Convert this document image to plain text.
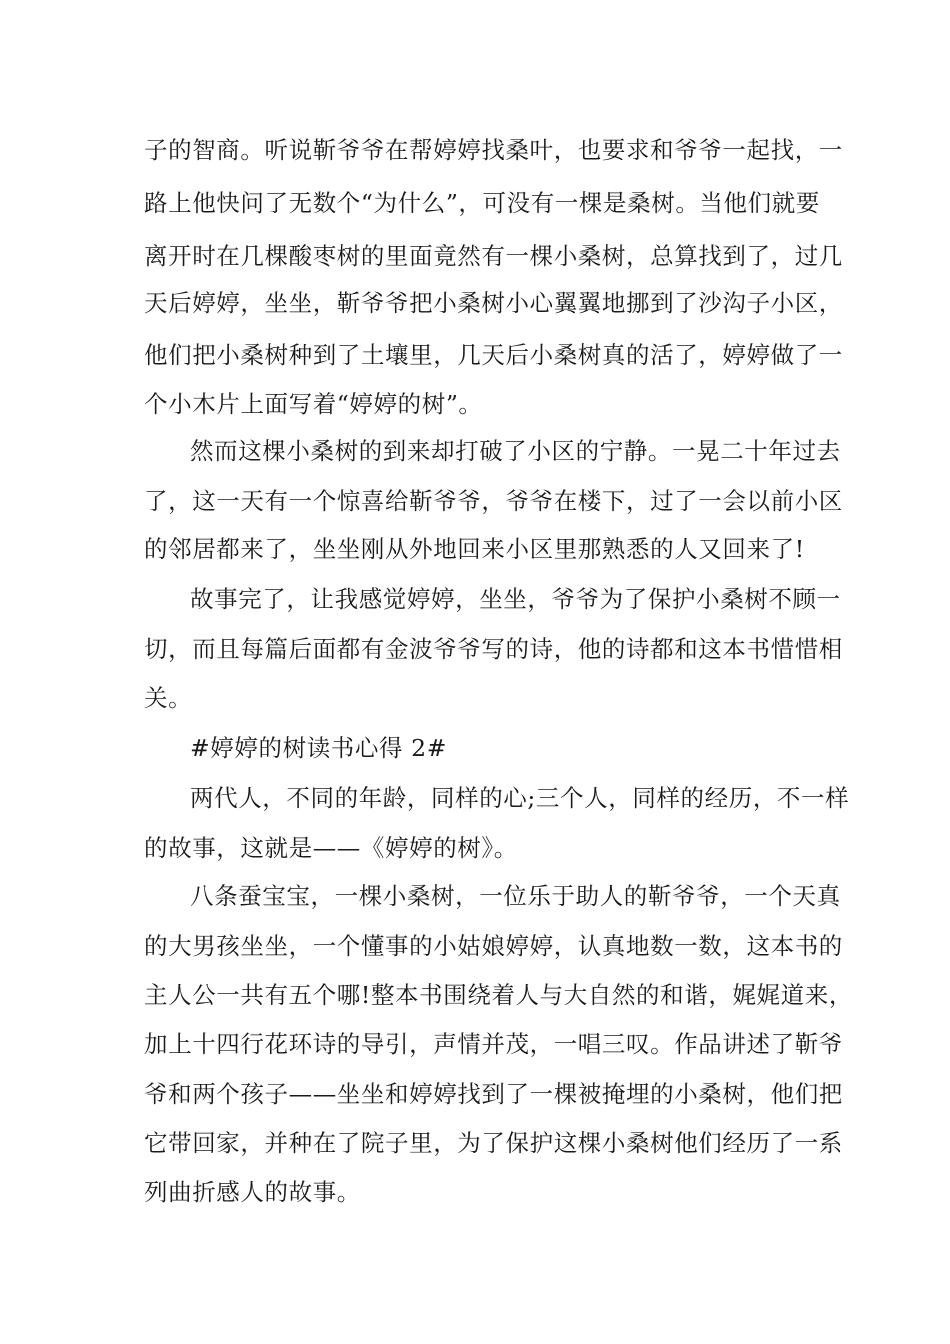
子的智商。听说靳爷爷在帮婷婷找桑叶，也要求和爷爷一起找，一

路上他快问了无数个“为什么”，可没有一棵是桑树。当他们就要

离开时在几棵酸枣树的里面竟然有一棵小桑树，总算找到了，过几

天后婷婷，坐坐，靳爷爷把小桑树小心翼翼地挪到了沙沟子小区，

他们把小桑树种到了土壤里，几天后小桑树真的活了，婷婷做了一

个小木片上面写着“婷婷的树”。

然而这棵小桑树的到来却打破了小区的宁静。一晃二十年过去

了，这一天有一个惊喜给靳爷爷，爷爷在楼下，过了一会以前小区

的邻居都来了，坐坐刚从外地回来小区里那熟悉的人又回来了!

故事完了，让我感觉婷婷，坐坐，爷爷为了保护小桑树不顾一

切，而且每篇后面都有金波爷爷写的诗，他的诗都和这本书惜惜相

关。

#婷婷的树读书心得 2#

两代人，不同的年龄，同样的心;三个人，同样的经历，不一样

的故事，这就是——《婷婷的树》。

八条蚕宝宝，一棵小桑树，一位乐于助人的靳爷爷，一个天真

的大男孩坐坐，一个懂事的小姑娘婷婷，认真地数一数，这本书的

主人公一共有五个哪!整本书围绕着人与大自然的和谐，娓娓道来，

加上十四行花环诗的导引，声情并茂，一唱三叹。作品讲述了靳爷

爷和两个孩子——坐坐和婷婷找到了一棵被掩埋的小桑树，他们把

它带回家，并种在了院子里，为了保护这棵小桑树他们经历了一系

列曲折感人的故事。
